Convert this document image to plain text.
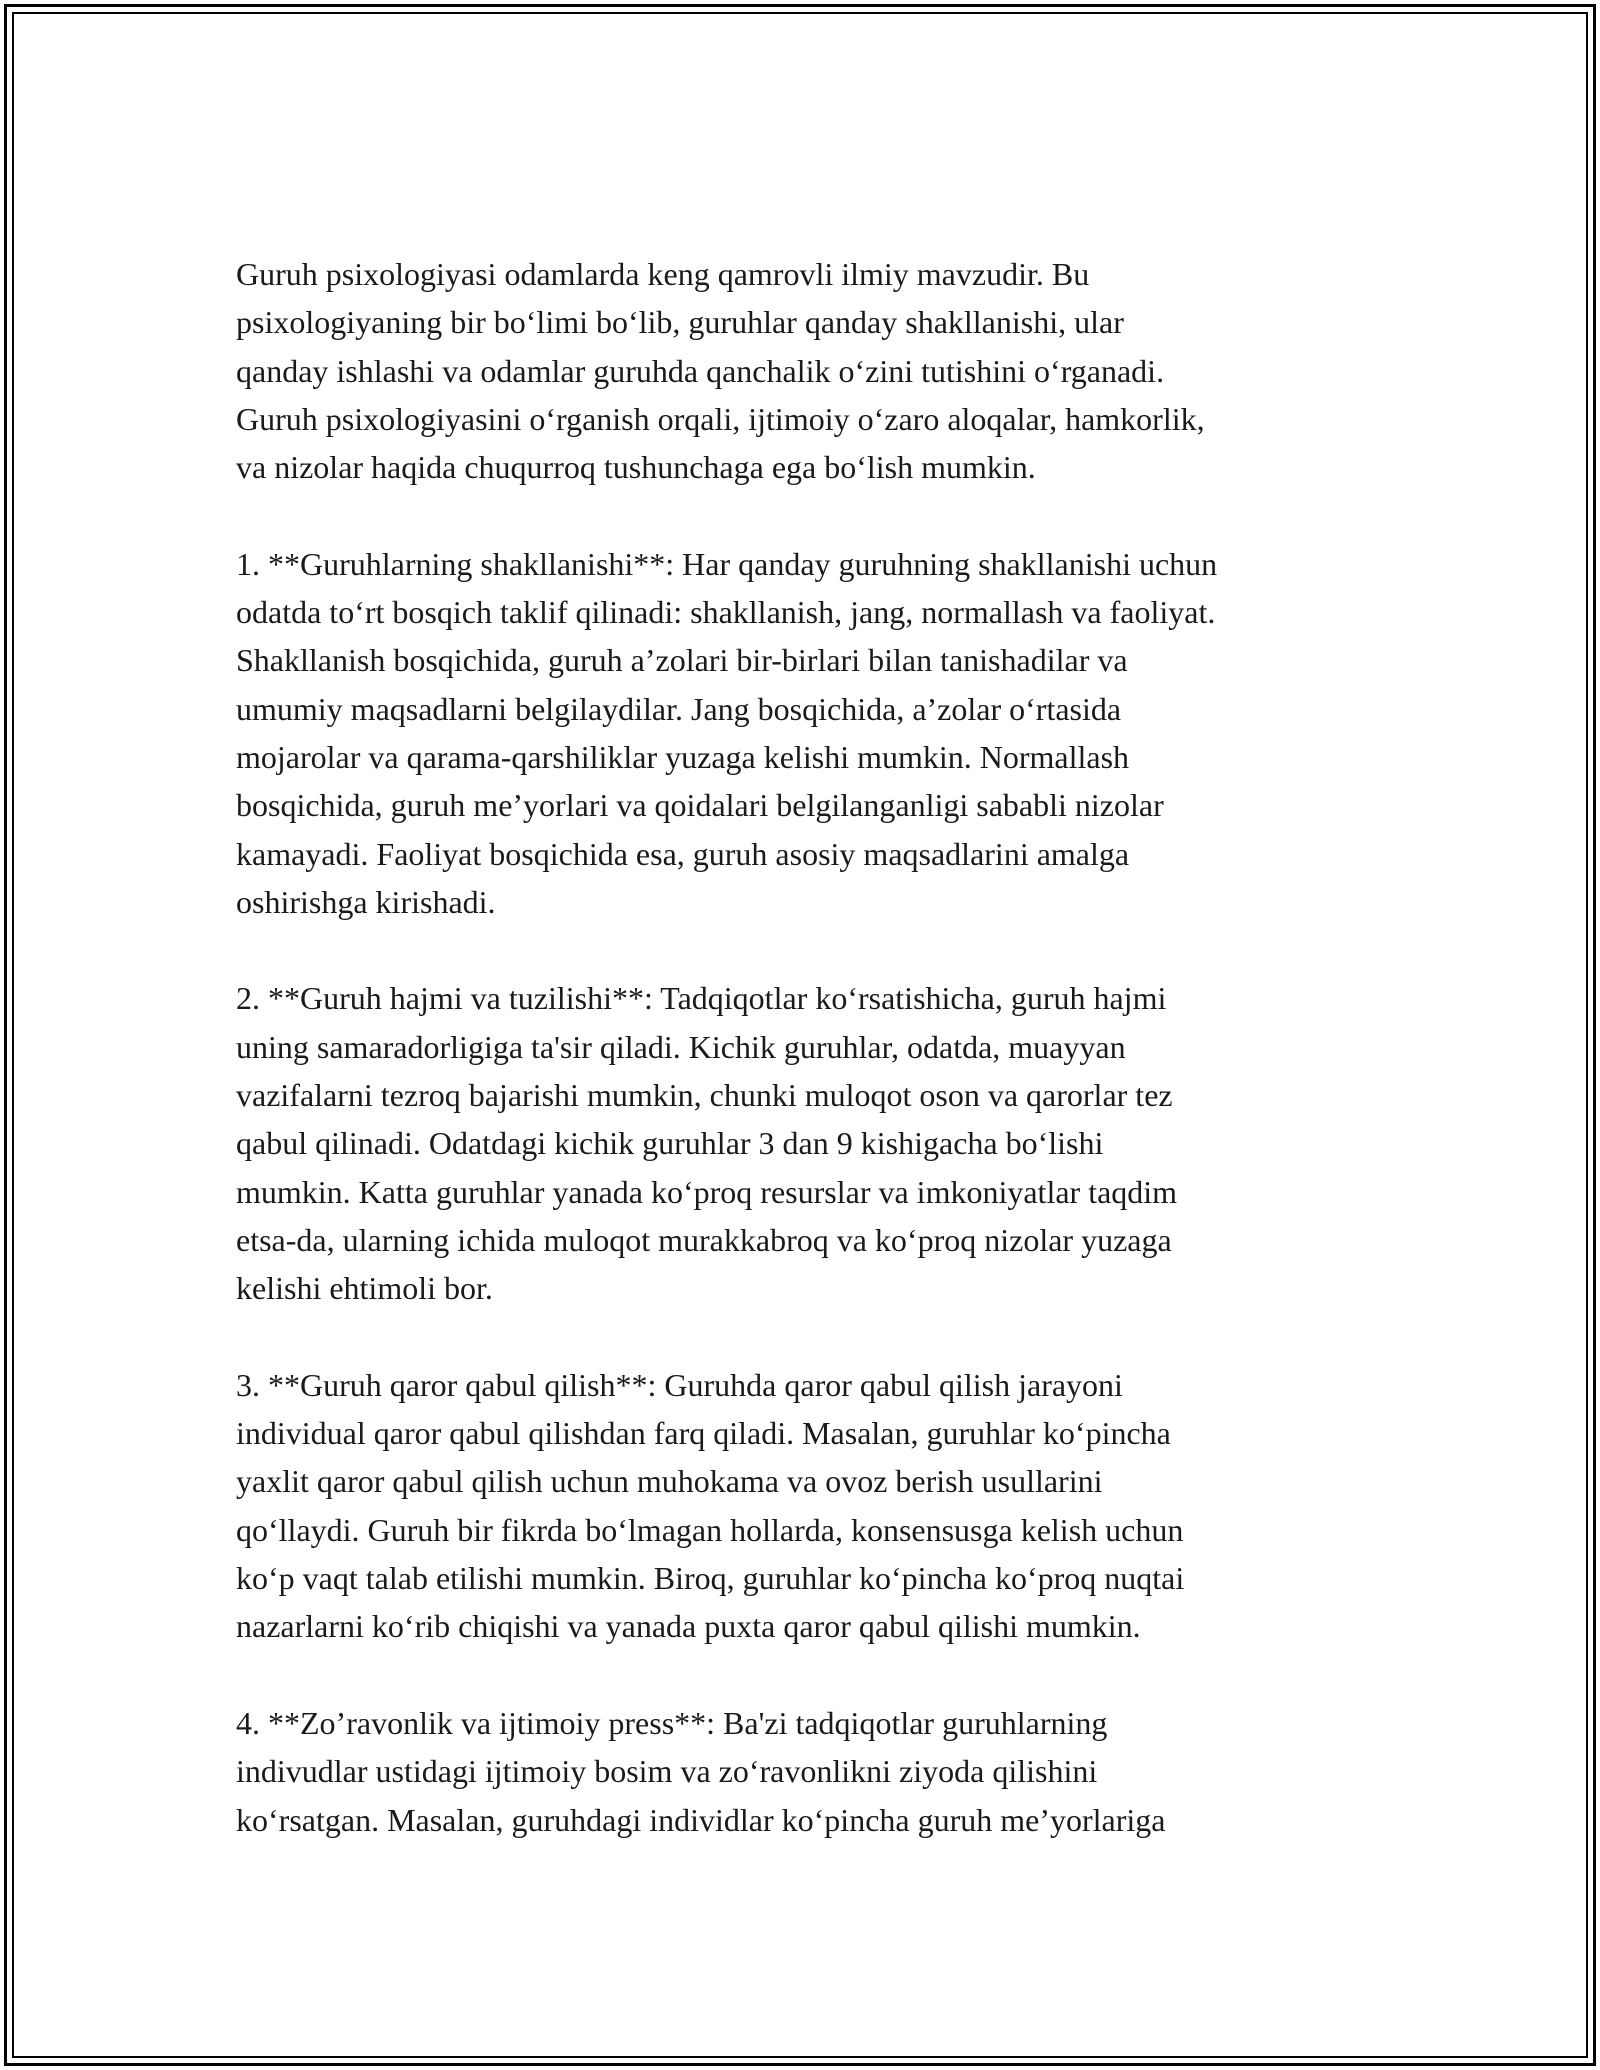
Guruh psixologiyasi odamlarda keng qamrovli ilmiy mavzudir. Bu
psixologiyaning bir bo‘limi bo‘lib, guruhlar qanday shakllanishi, ular
qanday ishlashi va odamlar guruhda qanchalik o‘zini tutishini o‘rganadi.
Guruh psixologiyasini o‘rganish orqali, ijtimoiy o‘zaro aloqalar, hamkorlik,
va nizolar haqida chuqurroq tushunchaga ega bo‘lish mumkin.

1. **Guruhlarning shakllanishi**: Har qanday guruhning shakllanishi uchun
odatda to‘rt bosqich taklif qilinadi: shakllanish, jang, normallash va faoliyat.
Shakllanish bosqichida, guruh a’zolari bir-birlari bilan tanishadilar va
umumiy maqsadlarni belgilaydilar. Jang bosqichida, a’zolar o‘rtasida
mojarolar va qarama-qarshiliklar yuzaga kelishi mumkin. Normallash
bosqichida, guruh me’yorlari va qoidalari belgilanganligi sababli nizolar
kamayadi. Faoliyat bosqichida esa, guruh asosiy maqsadlarini amalga
oshirishga kirishadi.

2. **Guruh hajmi va tuzilishi**: Tadqiqotlar ko‘rsatishicha, guruh hajmi
uning samaradorligiga ta'sir qiladi. Kichik guruhlar, odatda, muayyan
vazifalarni tezroq bajarishi mumkin, chunki muloqot oson va qarorlar tez
qabul qilinadi. Odatdagi kichik guruhlar 3 dan 9 kishigacha bo‘lishi
mumkin. Katta guruhlar yanada ko‘proq resurslar va imkoniyatlar taqdim
etsa-da, ularning ichida muloqot murakkabroq va ko‘proq nizolar yuzaga
kelishi ehtimoli bor.

3. **Guruh qaror qabul qilish**: Guruhda qaror qabul qilish jarayoni
individual qaror qabul qilishdan farq qiladi. Masalan, guruhlar ko‘pincha
yaxlit qaror qabul qilish uchun muhokama va ovoz berish usullarini
qo‘llaydi. Guruh bir fikrda bo‘lmagan hollarda, konsensusga kelish uchun
ko‘p vaqt talab etilishi mumkin. Biroq, guruhlar ko‘pincha ko‘proq nuqtai
nazarlarni ko‘rib chiqishi va yanada puxta qaror qabul qilishi mumkin.

4. **Zo’ravonlik va ijtimoiy press**: Ba'zi tadqiqotlar guruhlarning
indivudlar ustidagi ijtimoiy bosim va zo‘ravonlikni ziyoda qilishini
ko‘rsatgan. Masalan, guruhdagi individlar ko‘pincha guruh me’yorlariga
